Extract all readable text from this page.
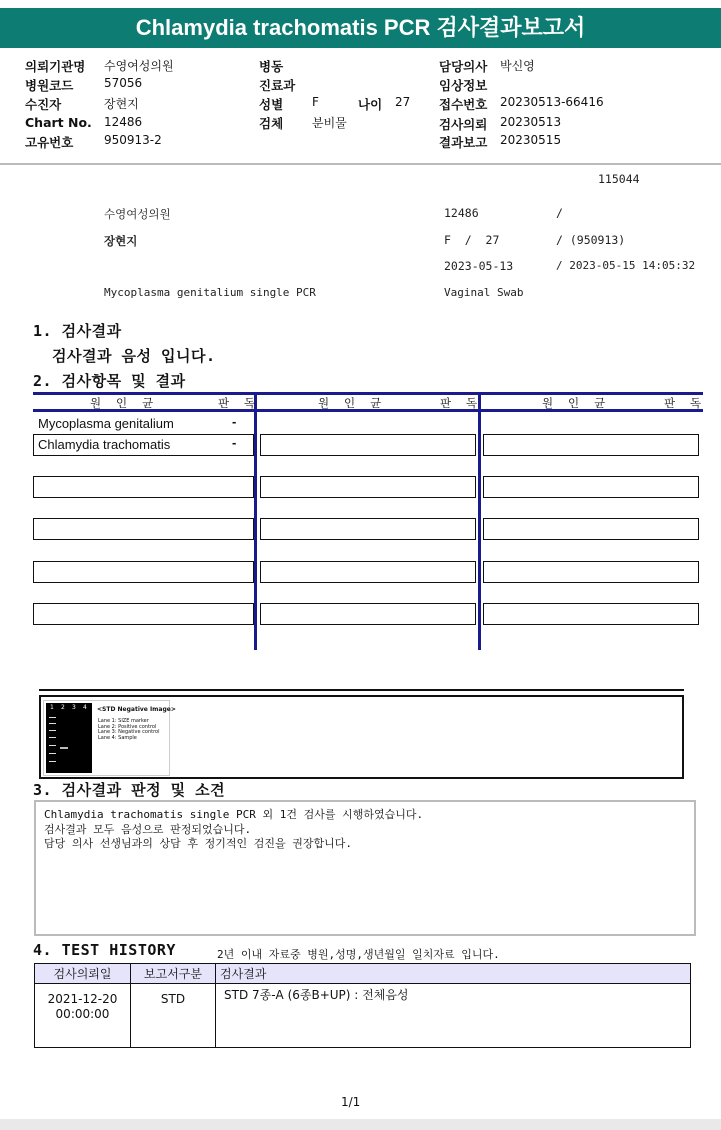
Chlamydia trachomatis PCR 검사결과보고서
의뢰기관명 수영여성의원
병원코드	57056
수진자	장현지
Chart No. 12486
고유번호	950913-2
병동
진료과
성별 F	나이 27
검체 분비물
담당의사 박신영
임상정보
접수번호 20230513-66416
검사의뢰 20230513
결과보고 20230515
115044
수영여성의원	12486	/
장현지	F  /  27	/ (950913)
2023-05-13	/ 2023-05-15 14:05:32
Mycoplasma genitalium single PCR	Vaginal Swab
1. 검사결과
검사결과 음성 입니다.
2. 검사항목 및 결과
원 인 균	판 독	원 인 균	판 독	원 인 균	판 독
Mycoplasma genitalium	-
Chlamydia trachomatis	-
1 2 3 4 <STD Negative Image>
Lane 1: SIZE marker
Lane 2: Positive control
Lane 3: Negative control
Lane 4: Sample
3. 검사결과 판정 및 소견
Chlamydia trachomatis single PCR 외 1건 검사를 시행하였습니다.
검사결과 모두 음성으로 판정되었습니다.
담당 의사 선생님과의 상담 후 정기적인 검진을 권장합니다.
4. TEST HISTORY	2년 이내 자료중 병원,성명,생년월일 일치자료 입니다.
검사의뢰일	보고서구분	검사결과

2021-12-20
00:00:00	STD	STD 7종-A (6종B+UP) : 전체음성
1/1
